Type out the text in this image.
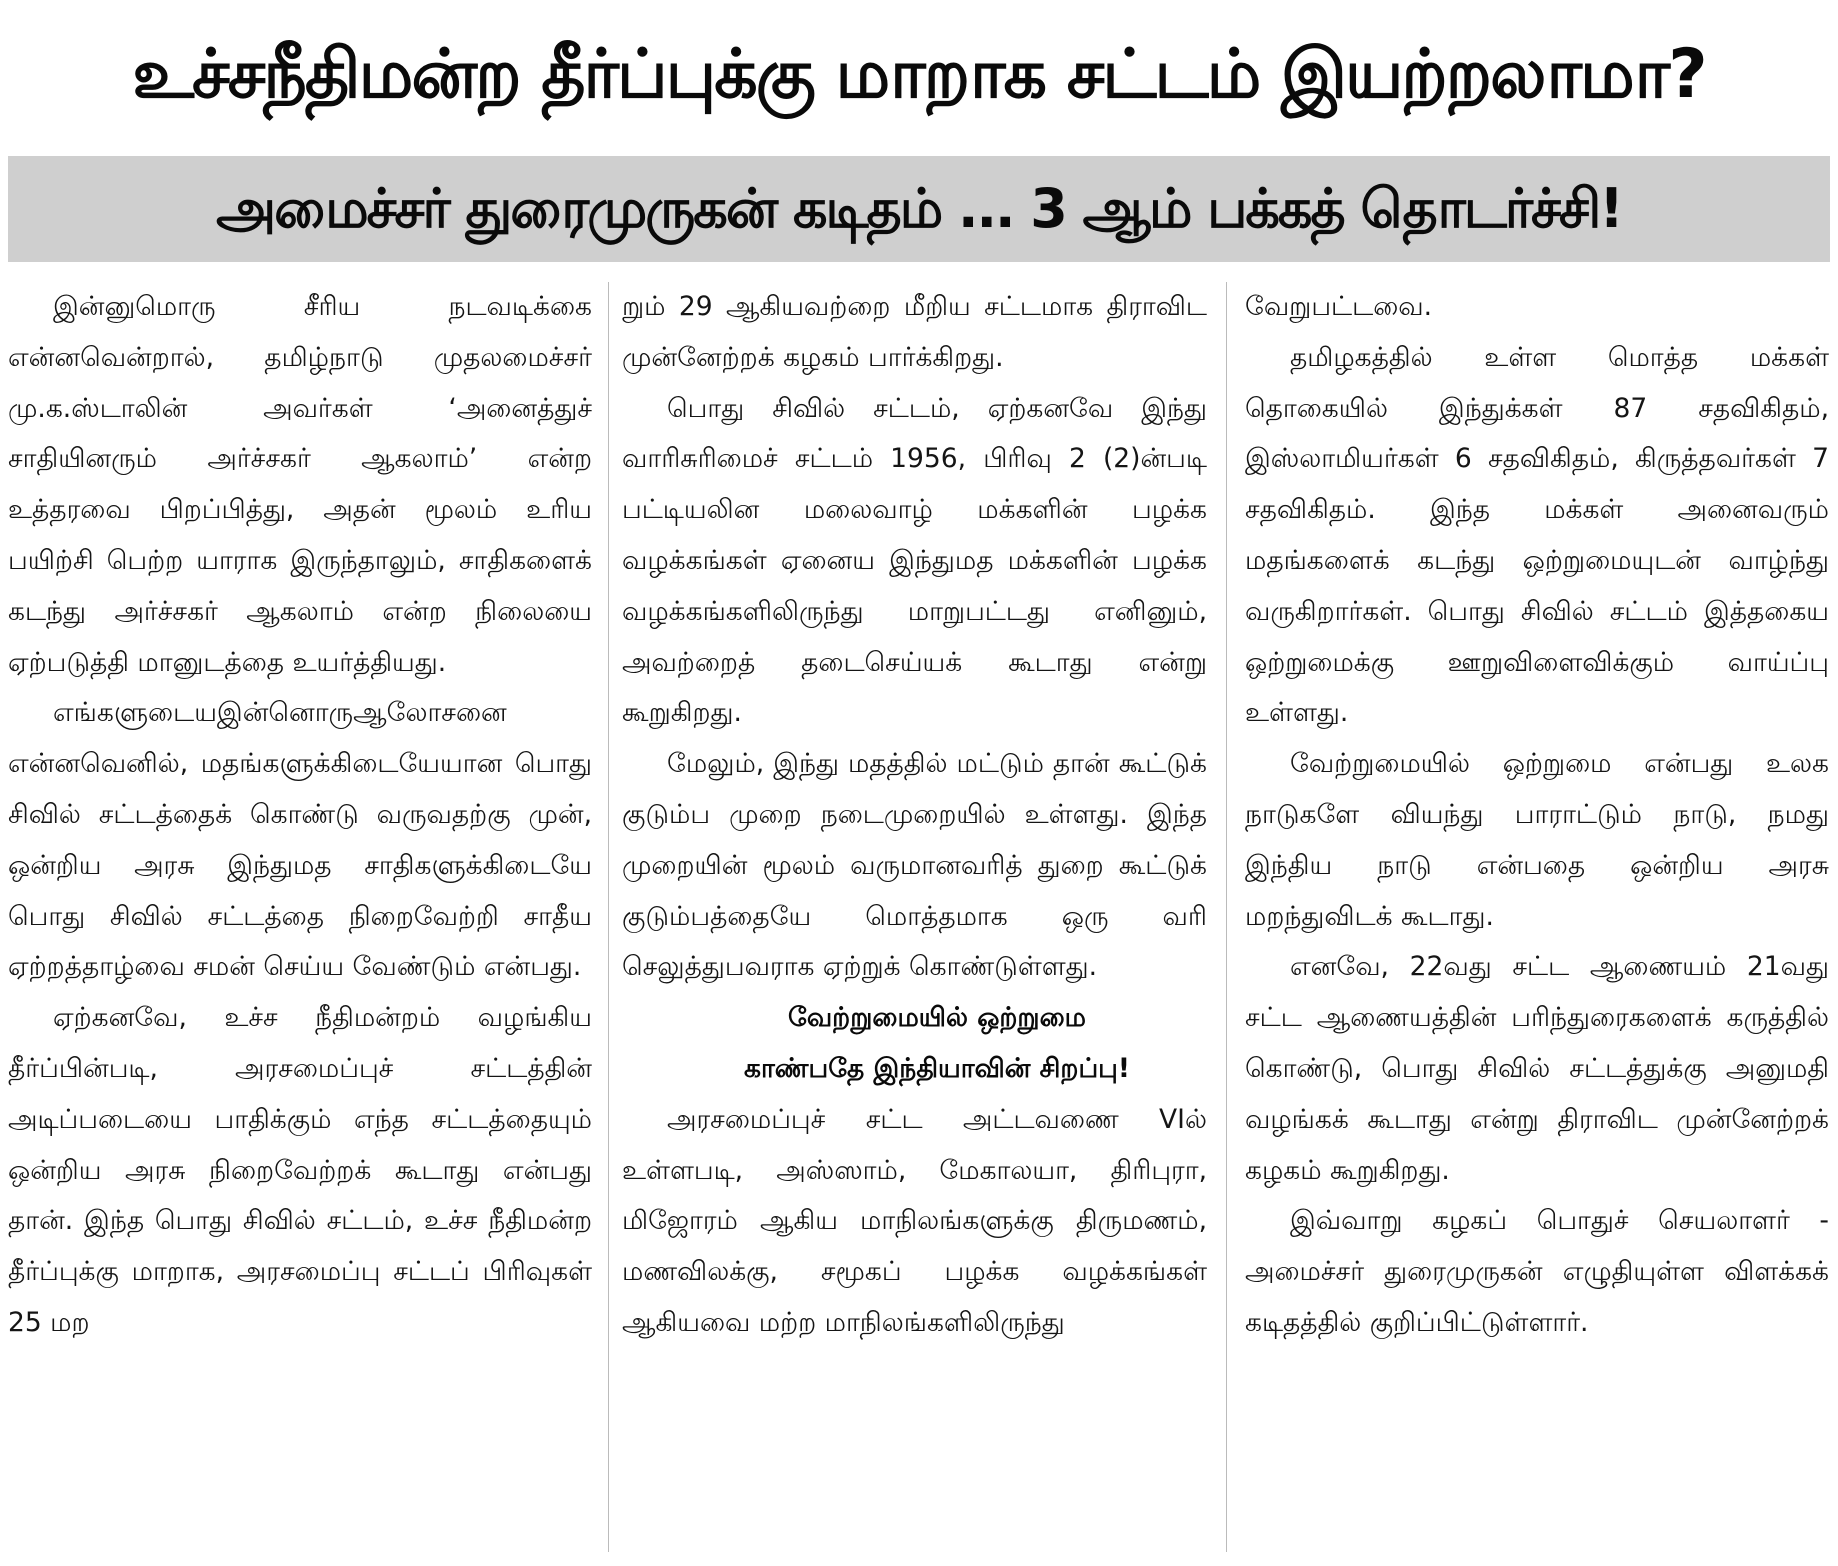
உச்சநீதிமன்ற தீர்ப்புக்கு மாறாக சட்டம் இயற்றலாமா?
அமைச்சர் துரைமுருகன் கடிதம் ... 3 ஆம் பக்கத் தொடர்ச்சி!

இன்னுமொரு சீரிய நடவடிக்கை என்னவென்றால், தமிழ்நாடு முதலமைச்சர் மு.க.ஸ்டாலின் அவர்கள் ‘அனைத்துச் சாதியினரும் அர்ச்சகர் ஆகலாம்’ என்ற உத்தரவை பிறப்பித்து, அதன் மூலம் உரிய பயிற்சி பெற்ற யாராக இருந்தாலும், சாதிகளைக் கடந்து அர்ச்சகர் ஆகலாம் என்ற நிலையை ஏற்படுத்தி மானுடத்தை உயர்த்தியது.

எங்களுடையஇன்னொருஆலோசனை என்னவெனில், மதங்களுக்கிடையேயான பொது சிவில் சட்டத்தைக் கொண்டு வருவதற்கு முன், ஒன்றிய அரசு இந்துமத சாதிகளுக்கிடையே பொது சிவில் சட்டத்தை நிறைவேற்றி சாதீய ஏற்றத்தாழ்வை சமன் செய்ய வேண்டும் என்பது.

ஏற்கனவே, உச்ச நீதிமன்றம் வழங்கிய தீர்ப்பின்படி, அரசமைப்புச் சட்டத்தின் அடிப்படையை பாதிக்கும் எந்த சட்டத்தையும் ஒன்றிய அரசு நிறைவேற்றக் கூடாது என்பது தான். இந்த பொது சிவில் சட்டம், உச்ச நீதிமன்ற தீர்ப்புக்கு மாறாக, அரசமைப்பு சட்டப் பிரிவுகள் 25 மற

றும் 29 ஆகியவற்றை மீறிய சட்டமாக திராவிட முன்னேற்றக் கழகம் பார்க்கிறது.

பொது சிவில் சட்டம், ஏற்கனவே இந்து வாரிசுரிமைச் சட்டம் 1956, பிரிவு 2 (2)ன்படி பட்டியலின மலைவாழ் மக்களின் பழக்க வழக்கங்கள் ஏனைய இந்துமத மக்களின் பழக்க வழக்கங்களிலிருந்து மாறுபட்டது எனினும், அவற்றைத் தடைசெய்யக் கூடாது என்று கூறுகிறது.

மேலும், இந்து மதத்தில் மட்டும் தான் கூட்டுக் குடும்ப முறை நடைமுறையில் உள்ளது. இந்த முறையின் மூலம் வருமானவரித் துறை கூட்டுக் குடும்பத்தையே மொத்தமாக ஒரு வரி செலுத்துபவராக ஏற்றுக் கொண்டுள்ளது.

வேற்றுமையில் ஒற்றுமை

காண்பதே இந்தியாவின் சிறப்பு!

அரசமைப்புச் சட்ட அட்டவணை VIல் உள்ளபடி, அஸ்ஸாம், மேகாலயா, திரிபுரா, மிஜோரம் ஆகிய மாநிலங்களுக்கு திருமணம், மணவிலக்கு, சமூகப் பழக்க வழக்கங்கள் ஆகியவை மற்ற மாநிலங்களிலிருந்து

வேறுபட்டவை.

தமிழகத்தில் உள்ள மொத்த மக்கள் தொகையில் இந்துக்கள் 87 சதவிகிதம், இஸ்லாமியர்கள் 6 சதவிகிதம், கிருத்தவர்கள் 7 சதவிகிதம். இந்த மக்கள் அனைவரும் மதங்களைக் கடந்து ஒற்றுமையுடன் வாழ்ந்து வருகிறார்கள். பொது சிவில் சட்டம் இத்தகைய ஒற்றுமைக்கு ஊறுவிளைவிக்கும் வாய்ப்பு உள்ளது.

வேற்றுமையில் ஒற்றுமை என்பது உலக நாடுகளே வியந்து பாராட்டும் நாடு, நமது இந்திய நாடு என்பதை ஒன்றிய அரசு மறந்துவிடக் கூடாது.

எனவே, 22வது சட்ட ஆணையம் 21வது சட்ட ஆணையத்தின் பரிந்துரைகளைக் கருத்தில் கொண்டு, பொது சிவில் சட்டத்துக்கு அனுமதி வழங்கக் கூடாது என்று திராவிட முன்னேற்றக் கழகம் கூறுகிறது.

இவ்வாறு கழகப் பொதுச் செயலாளர் - அமைச்சர் துரைமுருகன் எழுதியுள்ள விளக்கக் கடிதத்தில் குறிப்பிட்டுள்ளார்.
